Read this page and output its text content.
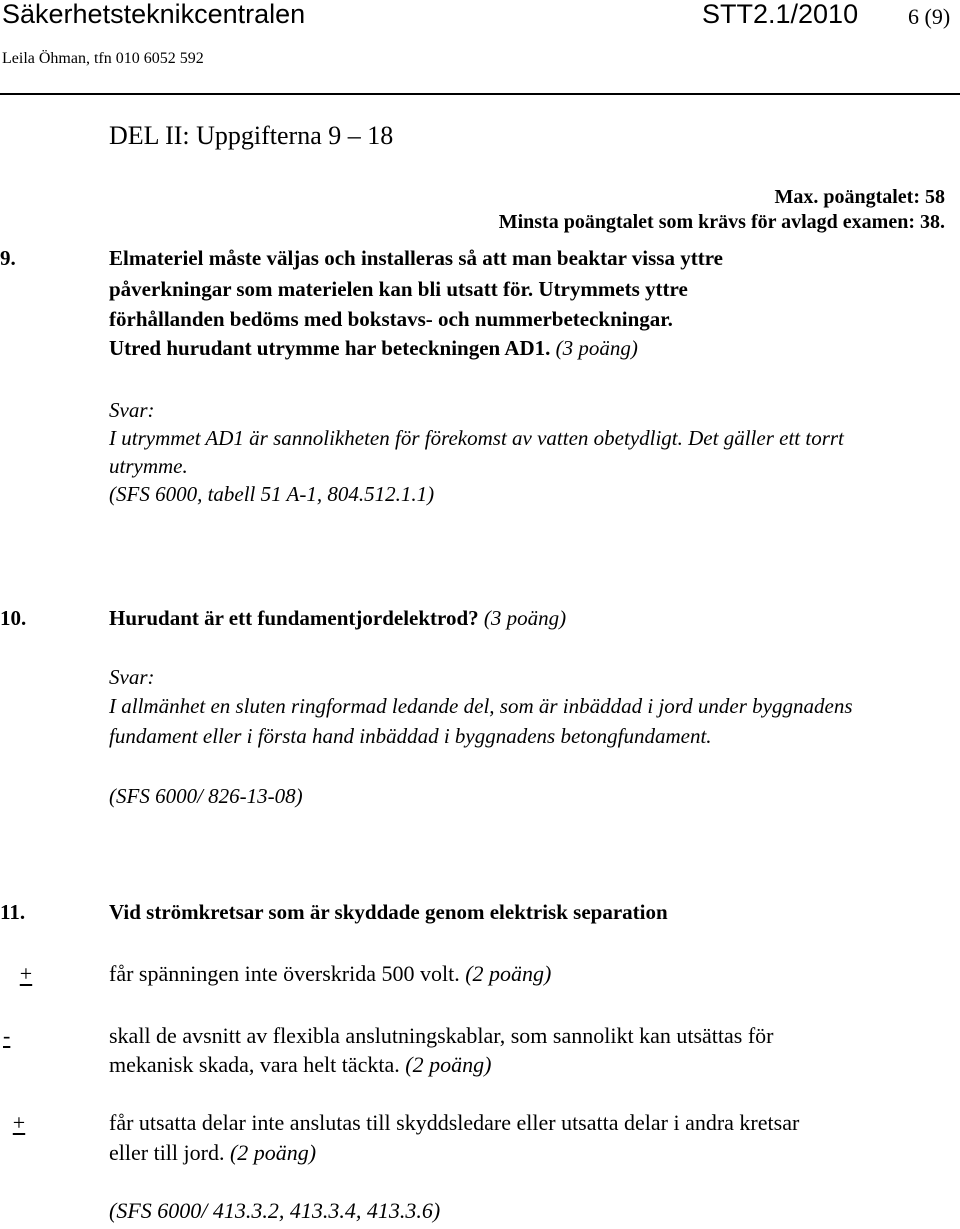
Säkerhetsteknikcentralen	STT2.1/2010 6 (9)
Leila Öhman, tfn 010 6052 592
DEL II: Uppgifterna 9 – 18
Max. poängtalet: 58
Minsta poängtalet som krävs för avlagd examen: 38.
9.	Elmateriel måste väljas och installeras så att man beaktar vissa yttre
påverkningar som materielen kan bli utsatt för. Utrymmets yttre
förhållanden bedöms med bokstavs- och nummerbeteckningar.
Utred hurudant utrymme har beteckningen AD1. (3 poäng)
Svar:
I utrymmet AD1 är sannolikheten för förekomst av vatten obetydligt. Det gäller ett torrt
utrymme.
(SFS 6000, tabell 51 A-1, 804.512.1.1)
10.	Hurudant är ett fundamentjordelektrod? (3 poäng)
Svar:
I allmänhet en sluten ringformad ledande del, som är inbäddad i jord under byggnadens
fundament eller i första hand inbäddad i byggnadens betongfundament.
(SFS 6000/ 826-13-08)
11.	Vid strömkretsar som är skyddade genom elektrisk separation
+	får spänningen inte överskrida 500 volt. (2 poäng)
-	skall de avsnitt av flexibla anslutningskablar, som sannolikt kan utsättas för
mekanisk skada, vara helt täckta. (2 poäng)
+	får utsatta delar inte anslutas till skyddsledare eller utsatta delar i andra kretsar
eller till jord. (2 poäng)
(SFS 6000/ 413.3.2, 413.3.4, 413.3.6)
